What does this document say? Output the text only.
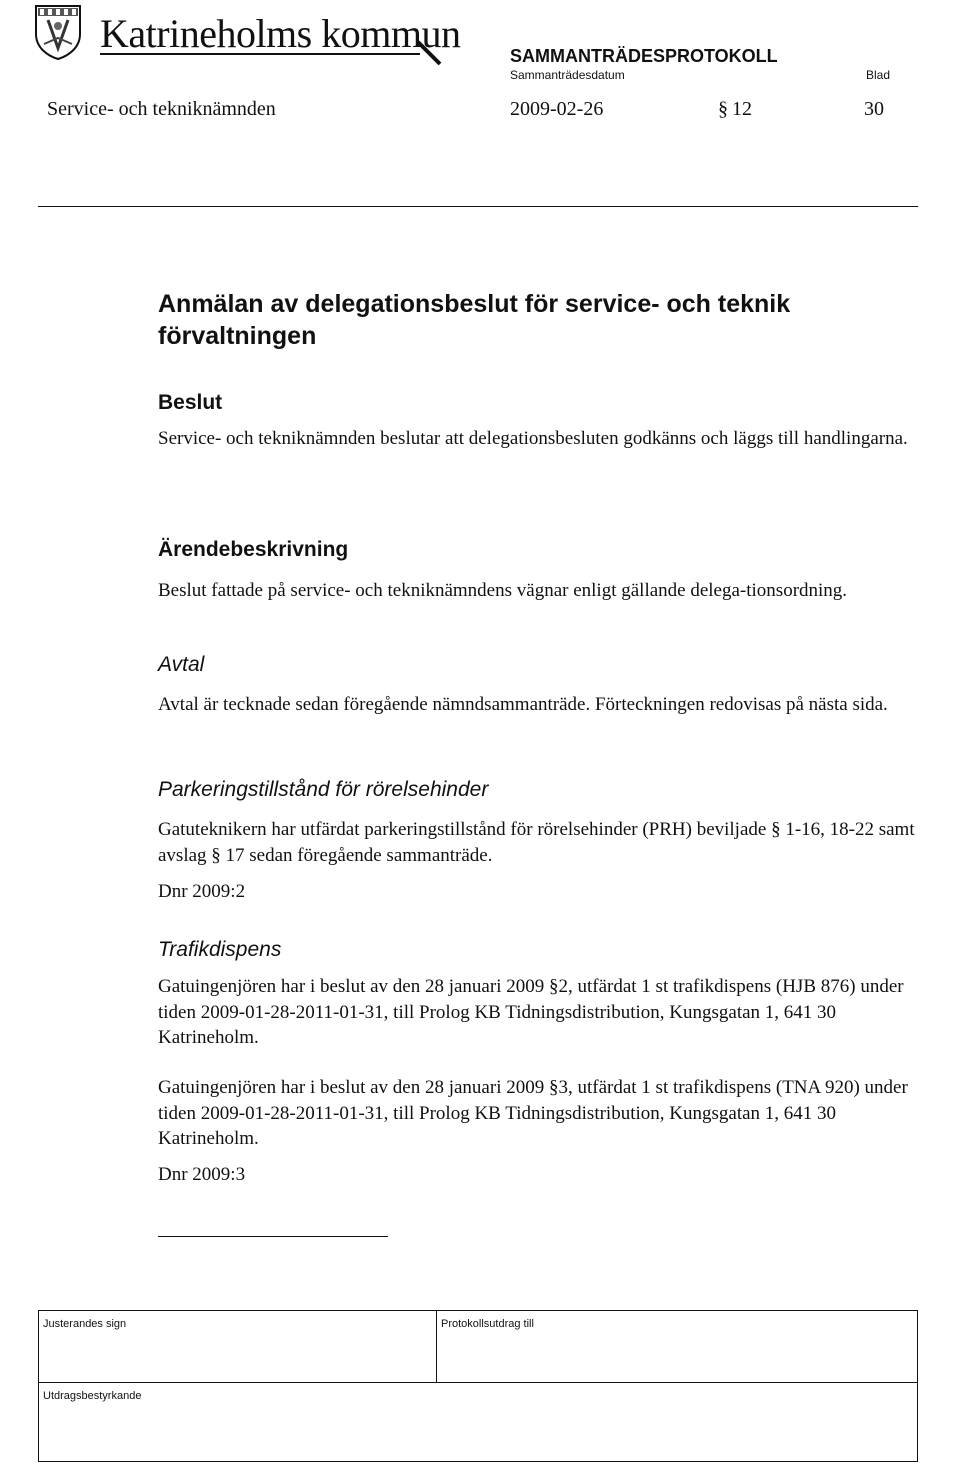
Katrineholms kommun	SAMMANTRÄDESPROTOKOLL
Sammanträdesdatum	Blad
Service- och tekniknämnden	2009-02-26	§ 12	30
Anmälan av delegationsbeslut för service- och teknik förvaltningen
Beslut
Service- och tekniknämnden beslutar att delegationsbesluten godkänns och läggs till handlingarna.
Ärendebeskrivning
Beslut fattade på service- och tekniknämndens vägnar enligt gällande delega-tionsordning.
Avtal
Avtal är tecknade sedan föregående nämndsammanträde. Förteckningen redovisas på nästa sida.
Parkeringstillstånd för rörelsehinder
Gatuteknikern har utfärdat parkeringstillstånd för rörelsehinder (PRH) beviljade § 1-16, 18-22 samt avslag § 17 sedan föregående sammanträde.
Dnr 2009:2
Trafikdispens
Gatuingenjören har i beslut av den 28 januari 2009 §2, utfärdat 1 st trafikdispens (HJB 876) under tiden 2009-01-28-2011-01-31, till Prolog KB Tidningsdistribution, Kungsgatan 1, 641 30 Katrineholm.
Gatuingenjören har i beslut av den 28 januari 2009 §3, utfärdat 1 st trafikdispens (TNA 920) under tiden 2009-01-28-2011-01-31, till Prolog KB Tidningsdistribution, Kungsgatan 1, 641 30 Katrineholm.
Dnr 2009:3
Justerandes sign	Protokollsutdrag till
Utdragsbestyrkande
